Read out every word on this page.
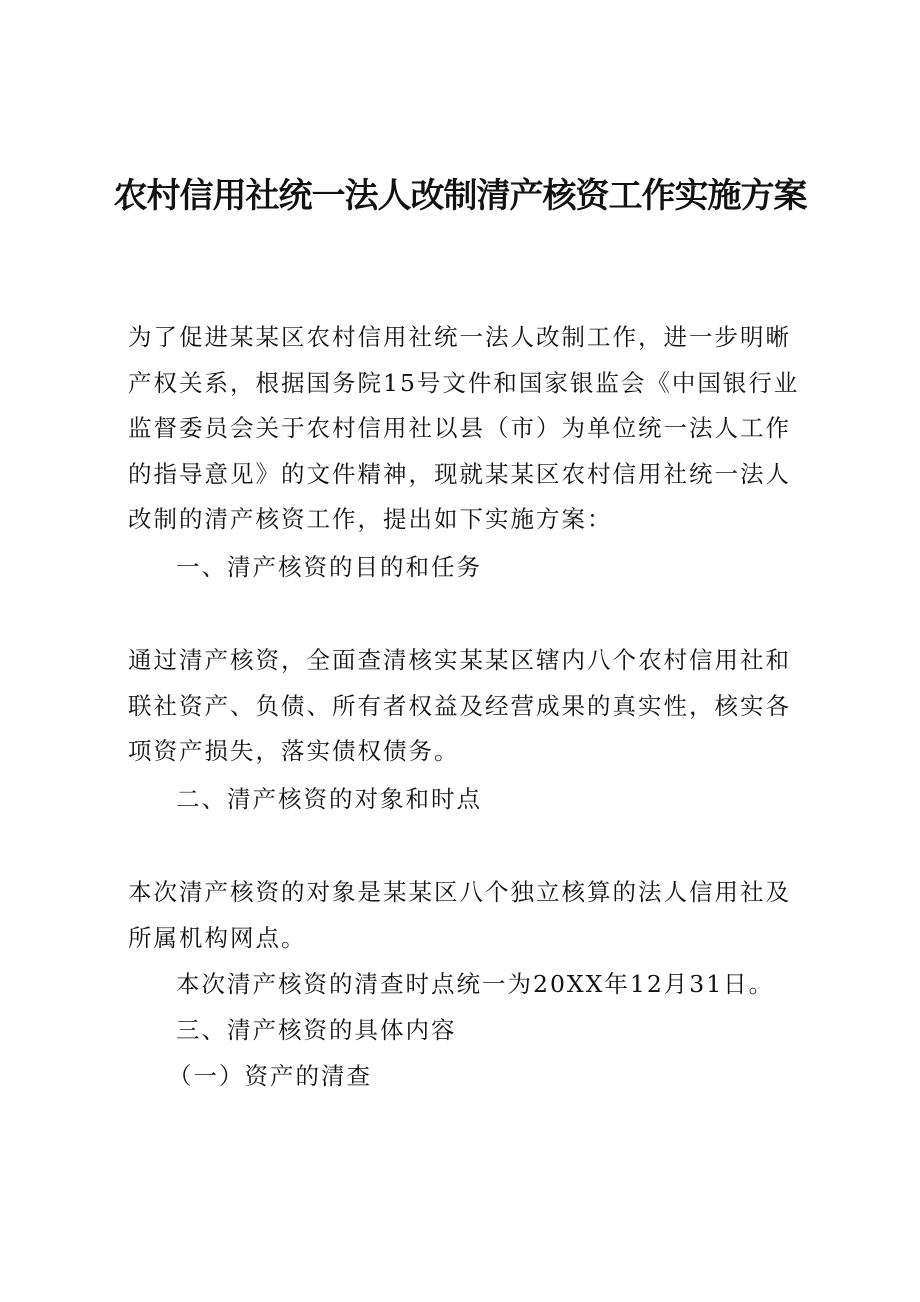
农村信用社统一法人改制清产核资工作实施方案

为了促进某某区农村信用社统一法人改制工作，进一步明晰产权关系，根据国务院15号文件和国家银监会《中国银行业监督委员会关于农村信用社以县（市）为单位统一法人工作的指导意见》的文件精神，现就某某区农村信用社统一法人改制的清产核资工作，提出如下实施方案：

一、清产核资的目的和任务

通过清产核资，全面查清核实某某区辖内八个农村信用社和联社资产、负债、所有者权益及经营成果的真实性，核实各项资产损失，落实债权债务。

二、清产核资的对象和时点

本次清产核资的对象是某某区八个独立核算的法人信用社及所属机构网点。

本次清产核资的清查时点统一为20XX年12月31日。
三、清产核资的具体内容
（一）资产的清查
